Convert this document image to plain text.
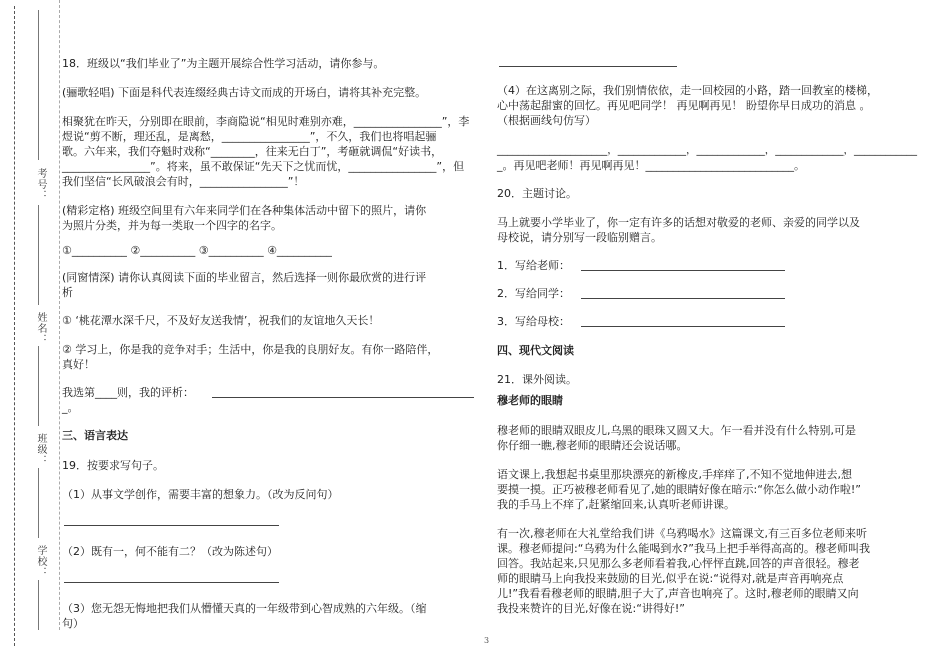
考号：
姓名：
班级：
学校：

18．班级以“我们毕业了”为主题开展综合性学习活动，请你参与。

(骊歌轻唱) 下面是科代表连缀经典古诗文而成的开场白，请将其补充完整。

相聚犹在昨天，分别即在眼前，李商隐说“相见时难别亦难，________________”，李

煜说“剪不断，理还乱，是离愁，________________”，不久，我们也将唱起骊

歌。六年来，我们夺魁时戏称“________，往来无白丁”，考砸就调侃“好读书，

________________”。将来，虽不敢保证“先天下之忧而忧，________________”，但

我们坚信“长风破浪会有时，________________”！

(精彩定格) 班级空间里有六年来同学们在各种集体活动中留下的照片，请你

为照片分类，并为每一类取一个四字的名字。

①__________ ②__________ ③__________ ④__________

(同窗情深) 请你认真阅读下面的毕业留言，然后选择一则你最欣赏的进行评

析

① ‘桃花潭水深千尺，不及好友送我情’，祝我们的友谊地久天长！

② 学习上，你是我的竞争对手；生活中，你是我的良朋好友。有你一路陪伴，

真好！

我选第____则，我的评析：

_。

三、语言表达

19．按要求写句子。

（1）从事文学创作，需要丰富的想象力。（改为反问句）

（2）既有一，何不能有二？（改为陈述句）

（3）您无怨无悔地把我们从懵懂天真的一年级带到心智成熟的六年级。（缩

句）

（4）在这离别之际，我们别情依依，走一回校园的小路，踏一回教室的楼梯，

心中荡起甜蜜的回忆。再见吧同学！ 再见啊再见！ 盼望你早日成功的消息 。

（根据画线句仿写）

_____________________，_____________，_____________，_____________，____________

_。再见吧老师！再见啊再见！___________________________。

20．主题讨论。

马上就要小学毕业了，你一定有许多的话想对敬爱的老师、亲爱的同学以及

母校说，请分别写一段临别赠言。

1．写给老师：

2．写给同学：

3．写给母校：

四、现代文阅读

21．课外阅读。

穆老师的眼睛

穆老师的眼睛双眼皮儿,乌黑的眼珠又圆又大。乍一看并没有什么特别,可是

你仔细一瞧,穆老师的眼睛还会说话哪。

语文课上,我想起书桌里那块漂亮的新橡皮,手痒痒了,不知不觉地伸进去,想

要摸一摸。正巧被穆老师看见了,她的眼睛好像在暗示:“你怎么做小动作啦!”

我的手马上不痒了,赶紧缩回来,认真听老师讲课。

有一次,穆老师在大礼堂给我们讲《乌鸦喝水》这篇课文,有三百多位老师来听

课。穆老师提问:“乌鸦为什么能喝到水?”我马上把手举得高高的。穆老师叫我

回答。我站起来,只见那么多老师看着我,心怦怦直跳,回答的声音很轻。穆老

师的眼睛马上向我投来鼓励的目光,似乎在说:“说得对,就是声音再响亮点

儿!”我看看穆老师的眼睛,胆子大了,声音也响亮了。这时,穆老师的眼睛又向

我投来赞许的目光,好像在说:“讲得好!”

3
